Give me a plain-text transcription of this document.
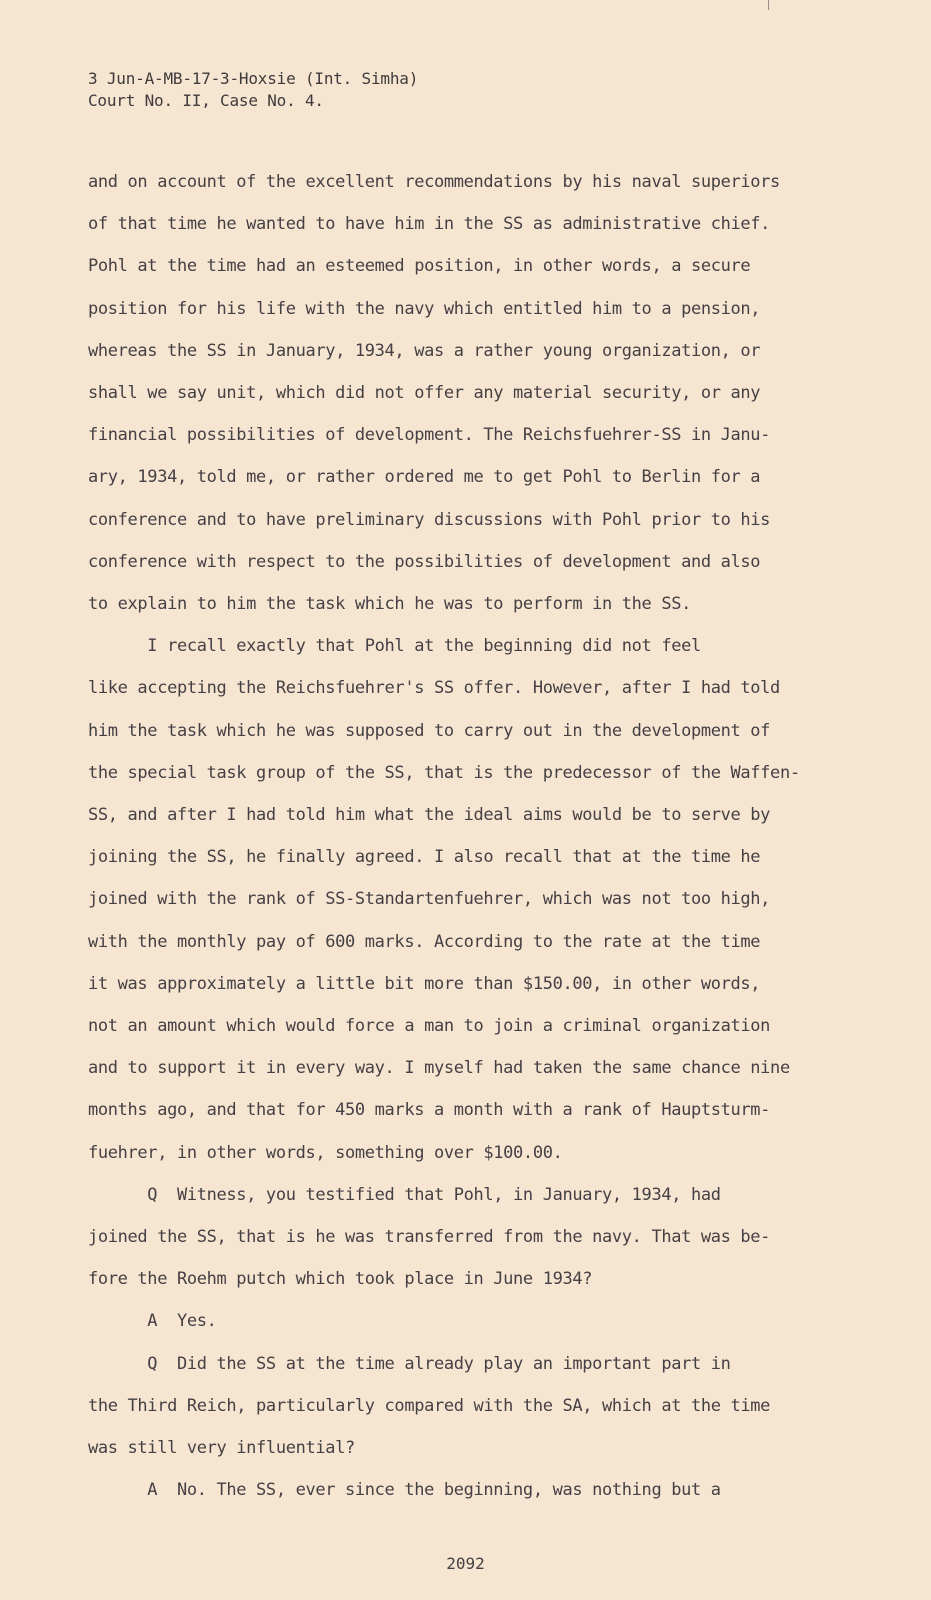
3 Jun-A-MB-17-3-Hoxsie (Int. Simha)
Court No. II, Case No. 4.
and on account of the excellent recommendations by his naval superiors
of that time he wanted to have him in the SS as administrative chief.
Pohl at the time had an esteemed position, in other words, a secure
position for his life with the navy which entitled him to a pension,
whereas the SS in January, 1934, was a rather young organization, or
shall we say unit, which did not offer any material security, or any
financial possibilities of development. The Reichsfuehrer-SS in Janu-
ary, 1934, told me, or rather ordered me to get Pohl to Berlin for a
conference and to have preliminary discussions with Pohl prior to his
conference with respect to the possibilities of development and also
to explain to him the task which he was to perform in the SS.
I recall exactly that Pohl at the beginning did not feel
like accepting the Reichsfuehrer's SS offer. However, after I had told
him the task which he was supposed to carry out in the development of
the special task group of the SS, that is the predecessor of the Waffen-
SS, and after I had told him what the ideal aims would be to serve by
joining the SS, he finally agreed. I also recall that at the time he
joined with the rank of SS-Standartenfuehrer, which was not too high,
with the monthly pay of 600 marks. According to the rate at the time
it was approximately a little bit more than $150.00, in other words,
not an amount which would force a man to join a criminal organization
and to support it in every way. I myself had taken the same chance nine
months ago, and that for 450 marks a month with a rank of Hauptsturm-
fuehrer, in other words, something over $100.00.
Q  Witness, you testified that Pohl, in January, 1934, had
joined the SS, that is he was transferred from the navy. That was be-
fore the Roehm putch which took place in June 1934?
A  Yes.
Q  Did the SS at the time already play an important part in
the Third Reich, particularly compared with the SA, which at the time
was still very influential?
A  No. The SS, ever since the beginning, was nothing but a
2092
